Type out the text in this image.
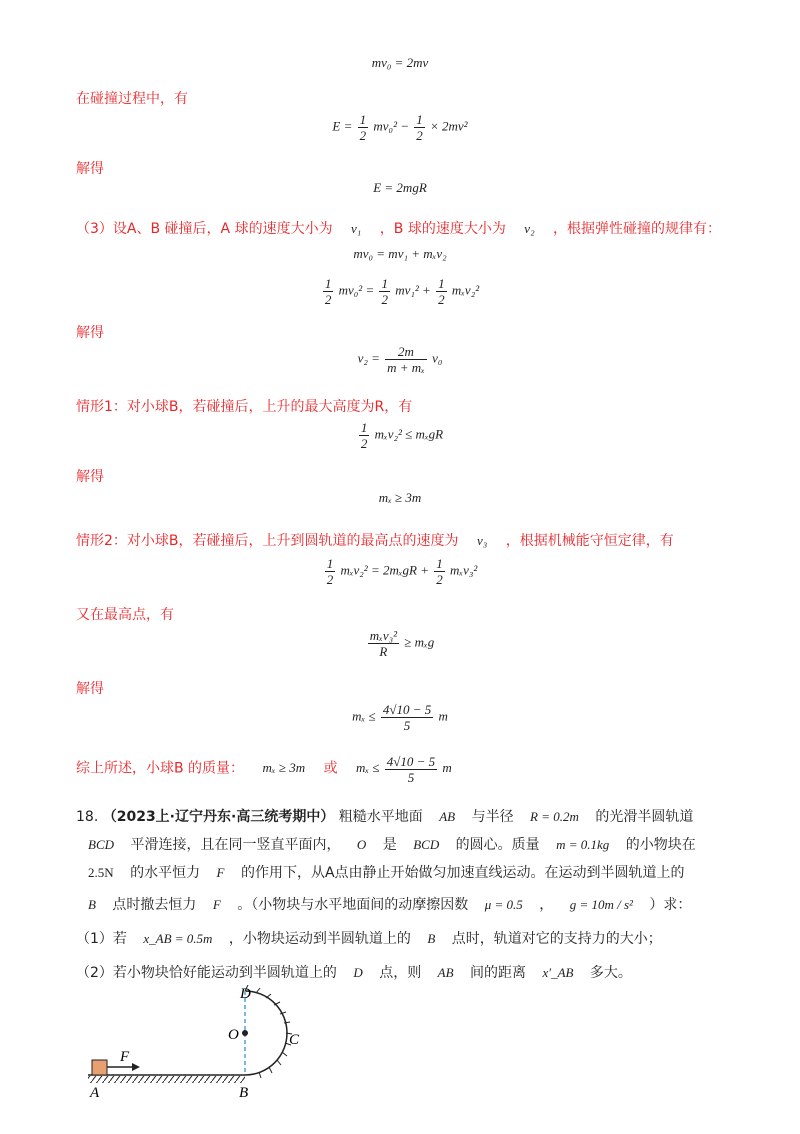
mv₀ = 2mv
在碰撞过程中，有
$E = \frac{1}{2} mv_0^2 - \frac{1}{2} \times 2mv^2$
解得
E = 2mgR
（3）设A、B 碰撞后，A 球的速度大小为 v₁ ，B 球的速度大小为 v₂ ，根据弹性碰撞的规律有：
mv₀ = mv₁ + mₓv₂
$\frac{1}{2} mv_0^2 = \frac{1}{2} mv_1^2 + \frac{1}{2} m_xv_2^2$
解得
$v_2 = \frac{2m}{\text{m + mₓ}} v_0$
情形1：对小球B，若碰撞后，上升的最大高度为R，有
$\frac{1}{2} m_xv_2^2 \le m_xgR$
解得
mₓ ≥ 3m
情形2：对小球B，若碰撞后，上升到圆轨道的最高点的速度为 v₃ ，根据机械能守恒定律，有
$\frac{1}{2} m_xv_2^2 = 2m_xgR + \frac{1}{2} m_xv_3^2$
又在最高点，有
$\frac{\text{mₓv₃²}}{R} \ge m_xg$
解得
$m_x \le \frac{4√10 - 5}{5}$ m
综上所述，小球B 的质量： mₓ ≥ 3m 或 $m_x \le \frac{4√10 - 5}{5}$ m
18. （2023上·辽宁丹东·高三统考期中） 粗糙水平地面 AB 与半径 R = 0.2m 的光滑半圆轨道
BCD 平滑连接，且在同一竖直平面内， O 是 BCD 的圆心。质量 m = 0.1kg 的小物块在
2.5N 的水平恒力 F 的作用下，从A点由静止开始做匀加速直线运动。在运动到半圆轨道上的
B 点时撤去恒力 F 。（小物块与水平地面间的动摩擦因数 μ = 0.5 ， g = 10m / s² ）求：
（1）若 x_AB = 0.5m ，小物块运动到半圆轨道上的 B 点时，轨道对它的支持力的大小；
（2）若小物块恰好能运动到半圆轨道上的 D 点，则 AB 间的距离 x′_AB 多大。
D
O	C
F
A	B
